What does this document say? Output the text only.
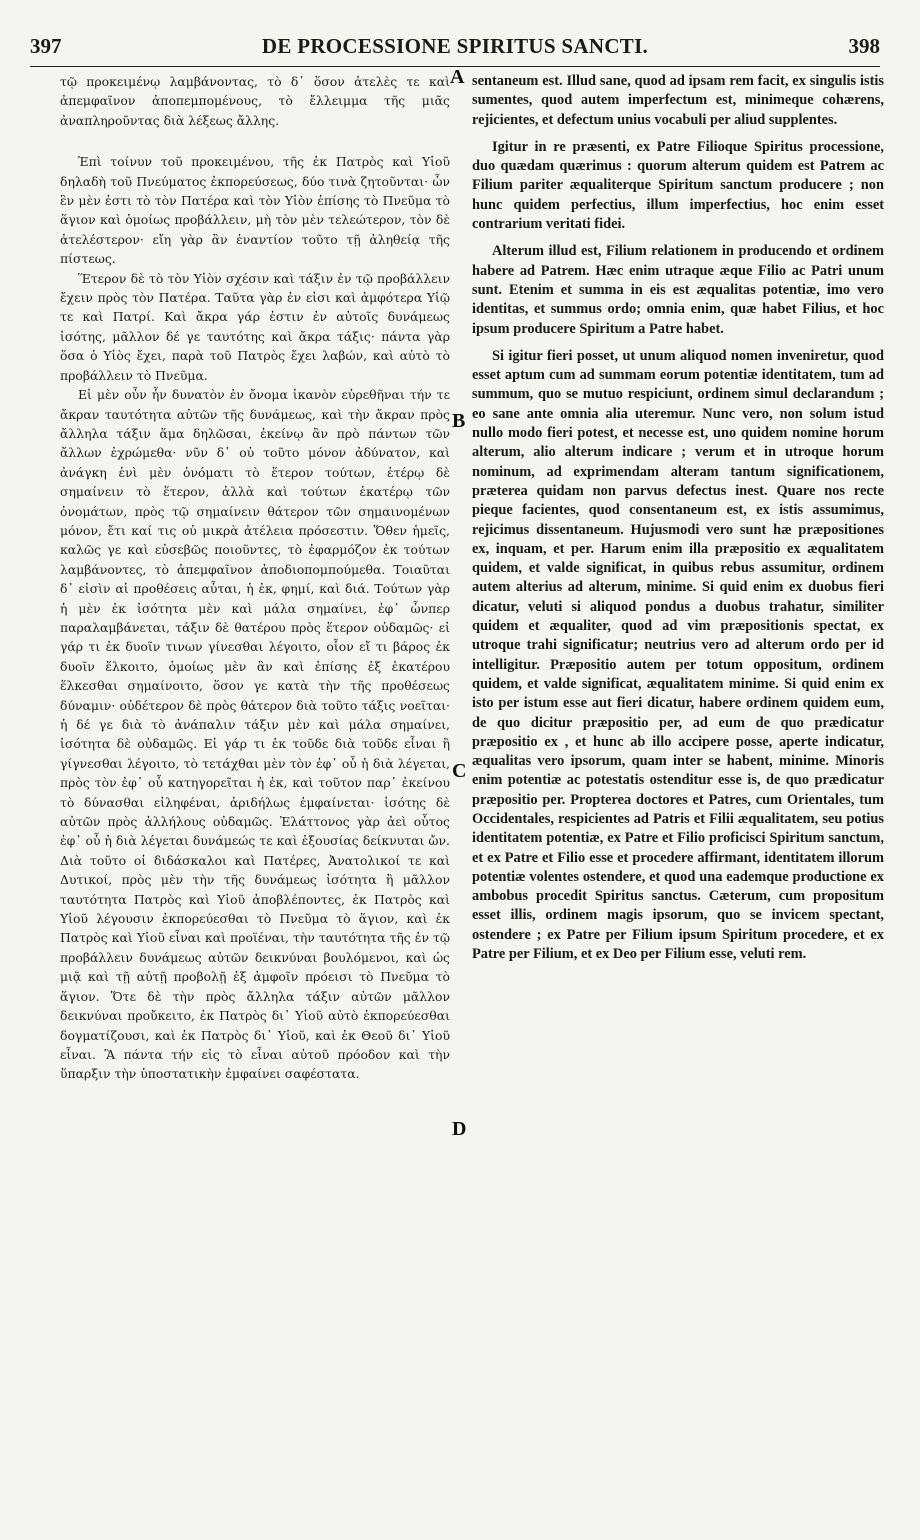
397	DE PROCESSIONE SPIRITUS SANCTI.	398

τῷ προκειμένῳ λαμβάνοντας, τὸ δ᾽ ὅσον ἀτελὲς τε καὶ ἀπεμφαῖνον ἀποπεμπομένους, τὸ ἔλλειμμα τῆς μιᾶς ἀναπληροῦντας διὰ λέξεως ἄλλης.

Ἐπὶ τοίνυν τοῦ προκειμένου, τῆς ἐκ Πατρὸς καὶ Υἱοῦ δηλαδὴ τοῦ Πνεύματος ἐκπορεύσεως, δύο τινὰ ζητοῦνται· ὧν ἓν μὲν ἐστι τὸ τὸν Πατέρα καὶ τὸν Υἱὸν ἐπίσης τὸ Πνεῦμα τὸ ἅγιον καὶ ὁμοίως προβάλλειν, μὴ τὸν μὲν τελεώτερον, τὸν δὲ ἀτελέστερον· εἴη γὰρ ἂν ἐναντίον τοῦτο τῇ ἀληθείᾳ τῆς πίστεως.

Ἕτερον δὲ τὸ τὸν Υἱὸν σχέσιν καὶ τάξιν ἐν τῷ προβάλλειν ἔχειν πρὸς τὸν Πατέρα. Ταῦτα γὰρ ἐν εἰσι καὶ ἀμφότερα Υἱῷ τε καὶ Πατρί. Καὶ ἄκρα γάρ ἐστιν ἐν αὐτοῖς δυνάμεως ἰσότης, μᾶλλον δέ γε ταυτότης καὶ ἄκρα τάξις· πάντα γὰρ ὅσα ὁ Υἱὸς ἔχει, παρὰ τοῦ Πατρὸς ἔχει λαβών, καὶ αὐτὸ τὸ προβάλλειν τὸ Πνεῦμα.

Εἰ μὲν οὖν ἦν δυνατὸν ἐν ὄνομα ἱκανὸν εὑρεθῆναι τήν τε ἄκραν ταυτότητα αὐτῶν τῆς δυνάμεως, καὶ τὴν ἄκραν πρὸς ἄλληλα τάξιν ἅμα δηλῶσαι, ἐκείνῳ ἂν πρὸ πάντων τῶν ἄλλων ἐχρώμεθα· νῦν δ᾽ οὐ τοῦτο μόνον ἀδύνατον, καὶ ἀνάγκη ἑνὶ μὲν ὀνόματι τὸ ἕτερον τούτων, ἑτέρῳ δὲ σημαίνειν τὸ ἕτερον, ἀλλὰ καὶ τούτων ἑκατέρῳ τῶν ὀνομάτων, πρὸς τῷ σημαίνειν θάτερον τῶν σημαινομένων μόνον, ἔτι καί τις οὐ μικρὰ ἀτέλεια πρόσεστιν. Ὅθεν ἡμεῖς, καλῶς γε καὶ εὐσεβῶς ποιοῦντες, τὸ ἐφαρμόζον ἐκ τούτων λαμβάνοντες, τὸ ἀπεμφαῖνον ἀποδιοπομπούμεθα. Τοιαῦται δ᾽ εἰσὶν αἱ προθέσεις αὗται, ἡ ἐκ, φημί, καὶ διά. Τούτων γὰρ ἡ μὲν ἐκ ἰσότητα μὲν καὶ μάλα σημαίνει, ἐφ᾽ ὧνπερ παραλαμβάνεται, τάξιν δὲ θατέρου πρὸς ἕτερον οὐδαμῶς· εἰ γάρ τι ἐκ δυοῖν τινων γίνεσθαι λέγοιτο, οἷον εἴ τι βάρος ἐκ δυοῖν ἕλκοιτο, ὁμοίως μὲν ἂν καὶ ἐπίσης ἐξ ἑκατέρου ἕλκεσθαι σημαίνοιτο, ὅσον γε κατὰ τὴν τῆς προθέσεως δύναμιν· οὐδέτερον δὲ πρὸς θάτερον διὰ τοῦτο τάξις νοεῖται· ἡ δέ γε διὰ τὸ ἀνάπαλιν τάξιν μὲν καὶ μάλα σημαίνει, ἰσότητα δὲ οὐδαμῶς. Εἰ γάρ τι ἐκ τοῦδε διὰ τοῦδε εἶναι ἢ γίγνεσθαι λέγοιτο, τὸ τετάχθαι μὲν τὸν ἐφ᾽ οὗ ἡ διὰ λέγεται, πρὸς τὸν ἐφ᾽ οὗ κατηγορεῖται ἡ ἐκ, καὶ τοῦτον παρ᾽ ἐκείνου τὸ δύνασθαι εἰληφέναι, ἀριδήλως ἐμφαίνεται· ἰσότης δὲ αὐτῶν πρὸς ἀλλήλους οὐδαμῶς. Ἐλάττονος γὰρ ἀεὶ οὗτος ἐφ᾽ οὗ ἡ διὰ λέγεται δυνάμεώς τε καὶ ἐξουσίας δείκνυται ὤν. Διὰ τοῦτο οἱ διδάσκαλοι καὶ Πατέρες, Ἀνατολικοί τε καὶ Δυτικοί, πρὸς μὲν τὴν τῆς δυνάμεως ἰσότητα ἢ μᾶλλον ταυτότητα Πατρὸς καὶ Υἱοῦ ἀποβλέποντες, ἐκ Πατρὸς καὶ Υἱοῦ λέγουσιν ἐκπορεύεσθαι τὸ Πνεῦμα τὸ ἅγιον, καὶ ἐκ Πατρὸς καὶ Υἱοῦ εἶναι καὶ προϊέναι, τὴν ταυτότητα τῆς ἐν τῷ προβάλλειν δυνάμεως αὐτῶν δεικνύναι βουλόμενοι, καὶ ὡς μιᾷ καὶ τῇ αὐτῇ προβολῇ ἐξ ἀμφοῖν πρόεισι τὸ Πνεῦμα τὸ ἅγιον. Ὅτε δὲ τὴν πρὸς ἄλληλα τάξιν αὐτῶν μᾶλλον δεικνύναι προὔκειτο, ἐκ Πατρὸς δι᾽ Υἱοῦ αὐτὸ ἐκπορεύεσθαι δογματίζουσι, καὶ ἐκ Πατρὸς δι᾽ Υἱοῦ, καὶ ἐκ Θεοῦ δι᾽ Υἱοῦ εἶναι. Ἃ πάντα τήν εἰς τὸ εἶναι αὐτοῦ πρόοδον καὶ τὴν ὕπαρξιν τὴν ὑποστατικὴν ἐμφαίνει σαφέστατα.

A
B
C
D

sentaneum est. Illud sane, quod ad ipsam rem facit, ex singulis istis sumentes, quod autem imperfectum est, minimeque cohærens, rejicientes, et defectum unius vocabuli per aliud supplentes.

Igitur in re præsenti, ex Patre Filioque Spiritus processione, duo quædam quærimus : quorum alterum quidem est Patrem ac Filium pariter æqualiterque Spiritum sanctum producere ; non hunc quidem perfectius, illum imperfectius, hoc enim esset contrarium veritati fidei.

Alterum illud est, Filium relationem in producendo et ordinem habere ad Patrem. Hæc enim utraque æque Filio ac Patri unum sunt. Etenim et summa in eis est æqualitas potentiæ, imo vero identitas, et summus ordo; omnia enim, quæ habet Filius, et hoc ipsum producere Spiritum a Patre habet.

Si igitur fieri posset, ut unum aliquod nomen inveniretur, quod esset aptum cum ad summam eorum potentiæ identitatem, tum ad summum, quo se mutuo respiciunt, ordinem simul declarandum ; eo sane ante omnia alia uteremur. Nunc vero, non solum istud nullo modo fieri potest, et necesse est, uno quidem nomine horum alterum, alio alterum indicare ; verum et in utroque horum nominum, ad exprimendam alteram tantum significationem, præterea quidam non parvus defectus inest. Quare nos recte pieque facientes, quod consentaneum est, ex istis assumimus, rejicimus dissentaneum. Hujusmodi vero sunt hæ præpositiones ex, inquam, et per. Harum enim illa præpositio ex æqualitatem quidem, et valde significat, in quibus rebus assumitur, ordinem autem alterius ad alterum, minime. Si quid enim ex duobus fieri dicatur, veluti si aliquod pondus a duobus trahatur, similiter quidem et æqualiter, quod ad vim præpositionis spectat, ex utroque trahi significatur; neutrius vero ad alterum ordo per id intelligitur. Præpositio autem per totum oppositum, ordinem quidem, et valde significat, æqualitatem minime. Si quid enim ex isto per istum esse aut fieri dicatur, habere ordinem quidem eum, de quo dicitur præpositio per, ad eum de quo prædicatur præpositio ex , et hunc ab illo accipere posse, aperte indicatur, æqualitas vero ipsorum, quam inter se habent, minime. Minoris enim potentiæ ac potestatis ostenditur esse is, de quo prædicatur præpositio per. Propterea doctores et Patres, cum Orientales, tum Occidentales, respicientes ad Patris et Filii æqualitatem, seu potius identitatem potentiæ, ex Patre et Filio proficisci Spiritum sanctum, et ex Patre et Filio esse et procedere affirmant, identitatem illorum potentiæ volentes ostendere, et quod una eademque productione ex ambobus procedit Spiritus sanctus. Cæterum, cum propositum esset illis, ordinem magis ipsorum, quo se invicem spectant, ostendere ; ex Patre per Filium ipsum Spiritum procedere, et ex Patre per Filium, et ex Deo per Filium esse, veluti rem.
